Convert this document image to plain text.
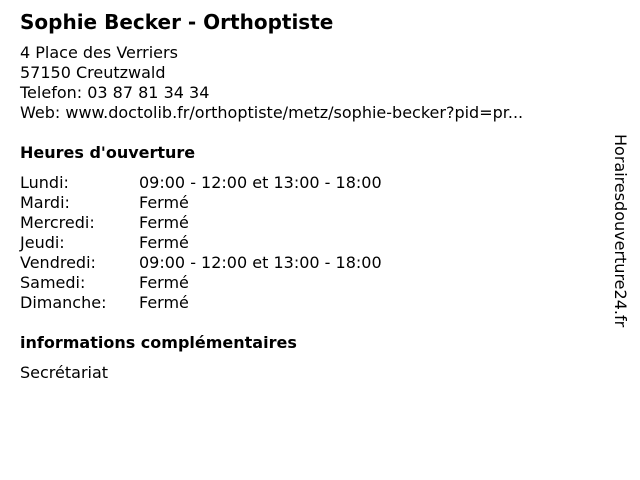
Sophie Becker - Orthoptiste
4 Place des Verriers
57150 Creutzwald
Telefon: 03 87 81 34 34
Web: www.doctolib.fr/orthoptiste/metz/sophie-becker?pid=pr...
Heures d'ouverture
Lundi:	09:00 - 12:00 et 13:00 - 18:00
Mardi:	Fermé
Mercredi:	Fermé
Jeudi:	Fermé
Vendredi:	09:00 - 12:00 et 13:00 - 18:00
Samedi:	Fermé
Dimanche:	Fermé
informations complémentaires
Secrétariat
Horairesdouverture24.fr
